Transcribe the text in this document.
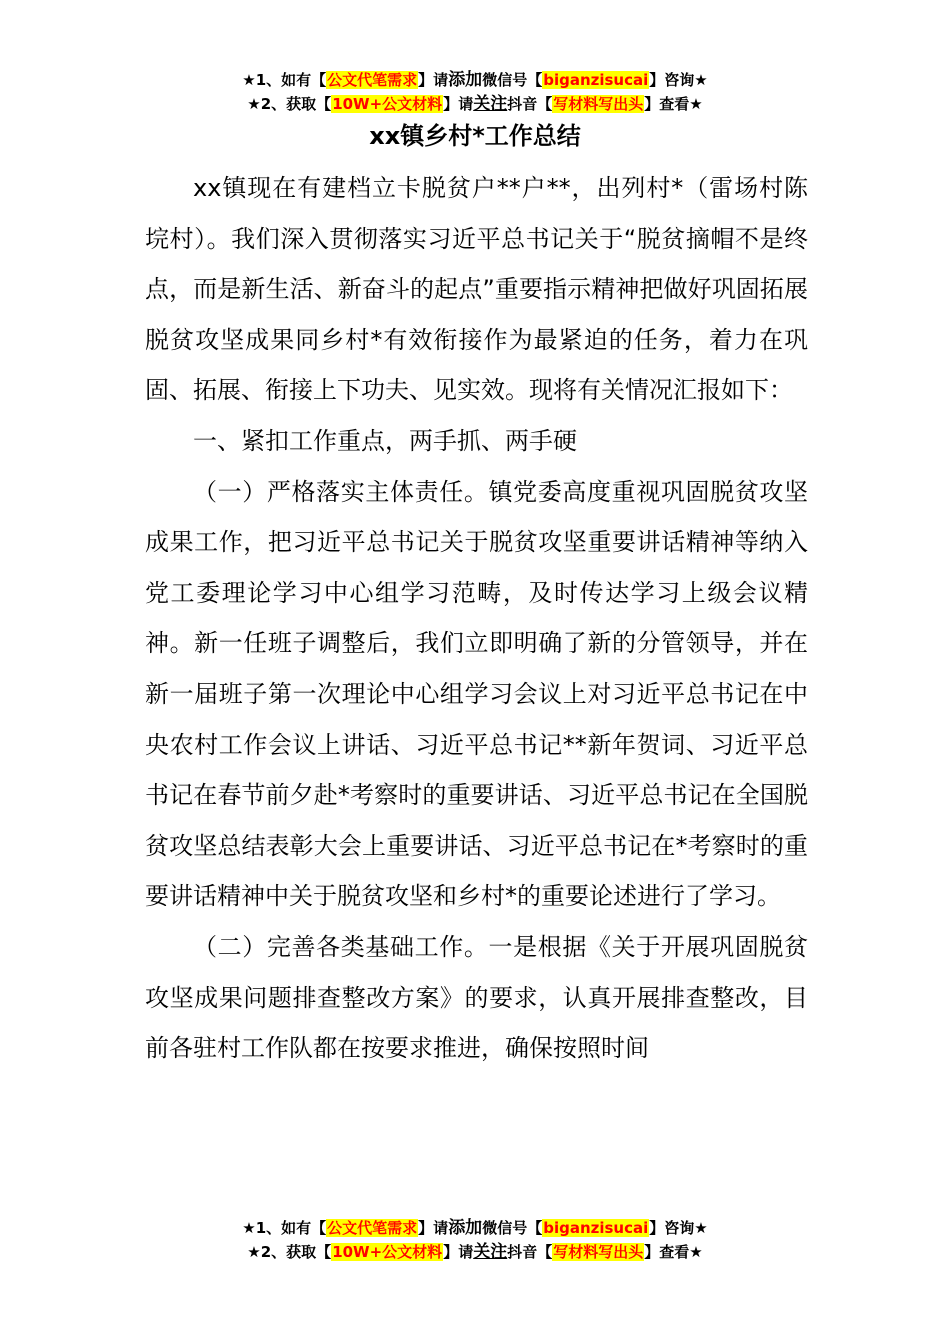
★1、如有【公文代笔需求】请添加微信号【biganzisucai】咨询★
★2、获取【10W+公文材料】请关注抖音【写材料写出头】查看★
xx镇乡村*工作总结

xx镇现在有建档立卡脱贫户**户**，出列村*（雷场村陈垸村）。我们深入贯彻落实习近平总书记关于“脱贫摘帽不是终点，而是新生活、新奋斗的起点”重要指示精神把做好巩固拓展脱贫攻坚成果同乡村*有效衔接作为最紧迫的任务，着力在巩固、拓展、衔接上下功夫、见实效。现将有关情况汇报如下：

一、紧扣工作重点，两手抓、两手硬

（一）严格落实主体责任。镇党委高度重视巩固脱贫攻坚成果工作，把习近平总书记关于脱贫攻坚重要讲话精神等纳入党工委理论学习中心组学习范畴，及时传达学习上级会议精神。新一任班子调整后，我们立即明确了新的分管领导，并在新一届班子第一次理论中心组学习会议上对习近平总书记在中央农村工作会议上讲话、习近平总书记**新年贺词、习近平总书记在春节前夕赴*考察时的重要讲话、习近平总书记在全国脱贫攻坚总结表彰大会上重要讲话、习近平总书记在*考察时的重要讲话精神中关于脱贫攻坚和乡村*的重要论述进行了学习。

（二）完善各类基础工作。一是根据《关于开展巩固脱贫攻坚成果问题排查整改方案》的要求，认真开展排查整改，目前各驻村工作队都在按要求推进，确保按照时间

★1、如有【公文代笔需求】请添加微信号【biganzisucai】咨询★
★2、获取【10W+公文材料】请关注抖音【写材料写出头】查看★
